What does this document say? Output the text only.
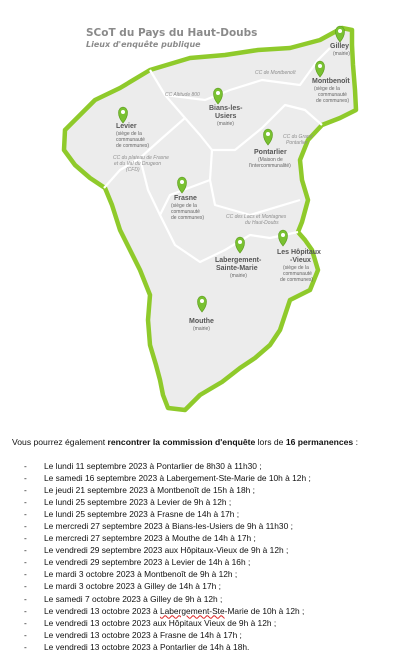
SCoT du Pays du Haut-Doubs
Lieux d'enquête publique
CC de Montbenoît
CC Altitude 800
CC du Grand Pontarlier
CC du plateau de Frasne et du Val du Drugeon (CFD)
CC des Lacs et Montagnes du Haut-Doubs
Gilley
(mairie)
Montbenoît
(siège de la
communauté
de communes)
Bians-les-
Usiers
(mairie)
Levier
(siège de la
communauté
de communes)
Pontarlier
(Maison de
l'intercommunalité)
Frasne
(siège de la
communauté
de communes)
Labergement-
Sainte-Marie
(mairie)
Les Hôpitaux
-Vieux
(siège de la
communauté
de communes)
Mouthe
(mairie)

Vous pourrez également rencontrer la commission d'enquête lors de 16 permanences :

- Le lundi 11 septembre 2023 à Pontarlier de 8h30 à 11h30 ;
- Le samedi 16 septembre 2023 à Labergement-Ste-Marie de 10h à 12h ;
- Le jeudi 21 septembre 2023 à Montbenoît de 15h à 18h ;
- Le lundi 25 septembre 2023 à Levier de 9h à 12h ;
- Le lundi 25 septembre 2023 à Frasne de 14h à 17h ;
- Le mercredi 27 septembre 2023 à Bians-les-Usiers de 9h à 11h30 ;
- Le mercredi 27 septembre 2023 à Mouthe de 14h à 17h ;
- Le vendredi 29 septembre 2023 aux Hôpitaux-Vieux de 9h à 12h ;
- Le vendredi 29 septembre 2023 à Levier de 14h à 16h ;
- Le mardi 3 octobre 2023 à Montbenoît de 9h à 12h ;
- Le mardi 3 octobre 2023 à Gilley de 14h à 17h ;
- Le samedi 7 octobre 2023 à Gilley de 9h à 12h ;
- Le vendredi 13 octobre 2023 à Labergement-Ste-Marie de 10h à 12h ;
- Le vendredi 13 octobre 2023 aux Hôpitaux Vieux de 9h à 12h ;
- Le vendredi 13 octobre 2023 à Frasne de 14h à 17h ;
- Le vendredi 13 octobre 2023 à Pontarlier de 14h à 18h.
